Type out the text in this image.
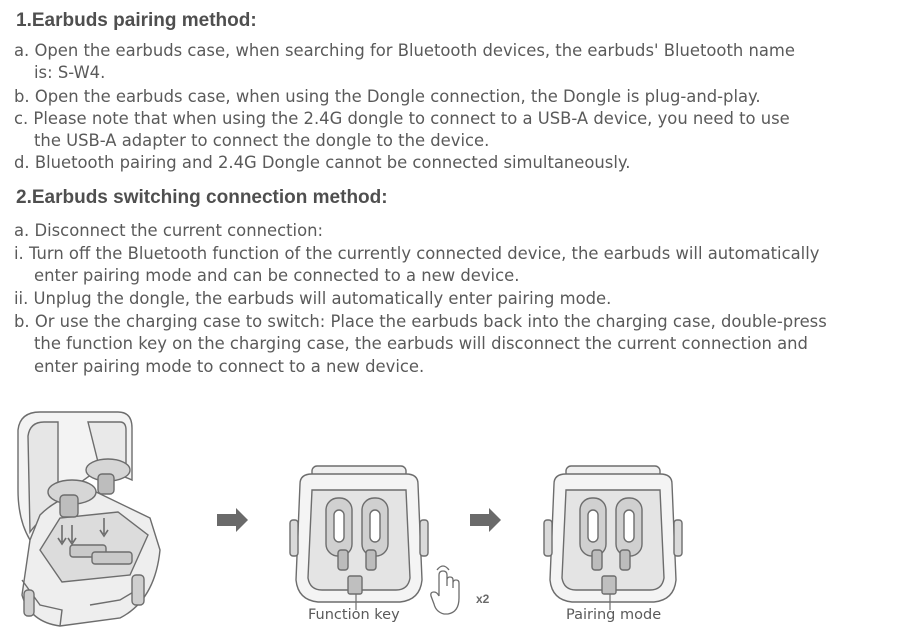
1.Earbuds pairing method:

a. Open the earbuds case, when searching for Bluetooth devices, the earbuds' Bluetooth name

is: S-W4.

b. Open the earbuds case, when using the Dongle connection, the Dongle is plug-and-play.

c. Please note that when using the 2.4G dongle to connect to a USB-A device, you need to use

the USB-A adapter to connect the dongle to the device.

d. Bluetooth pairing and 2.4G Dongle cannot be connected simultaneously.

2.Earbuds switching connection method:

a. Disconnect the current connection:

i. Turn off the Bluetooth function of the currently connected device, the earbuds will automatically

enter pairing mode and can be connected to a new device.

ii. Unplug the dongle, the earbuds will automatically enter pairing mode.

b. Or use the charging case to switch: Place the earbuds back into the charging case, double-press

the function key on the charging case, the earbuds will disconnect the current connection and

enter pairing mode to connect to a new device.

Function key
x2
Pairing mode
